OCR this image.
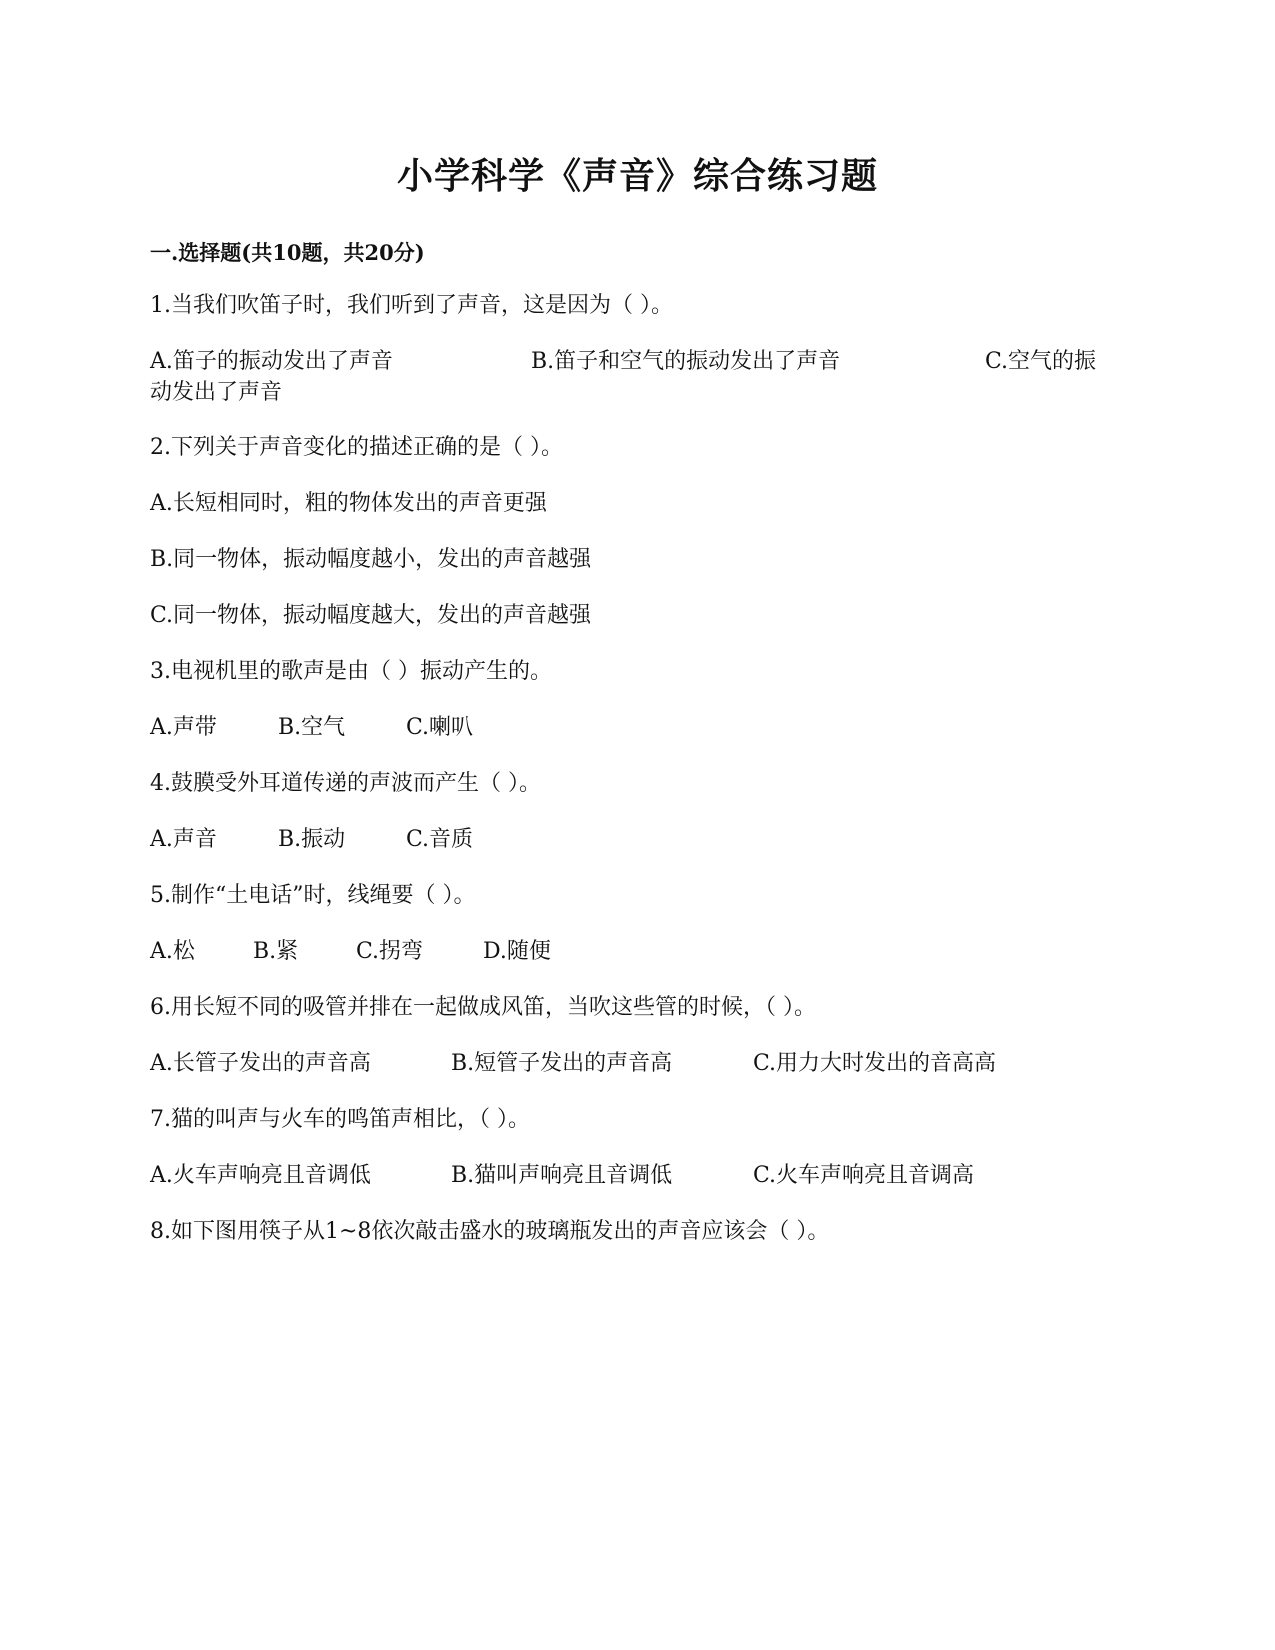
小学科学《声音》综合练习题
一.选择题(共10题，共20分)
1.当我们吹笛子时，我们听到了声音，这是因为（ ）。
A.笛子的振动发出了声音	B.笛子和空气的振动发出了声音	C.空气的振
动发出了声音
2.下列关于声音变化的描述正确的是（ ）。
A.长短相同时，粗的物体发出的声音更强
B.同一物体，振动幅度越小，发出的声音越强
C.同一物体，振动幅度越大，发出的声音越强
3.电视机里的歌声是由（ ）振动产生的。
A.声带	B.空气	C.喇叭
4.鼓膜受外耳道传递的声波而产生（ ）。
A.声音	B.振动	C.音质
5.制作“土电话”时，线绳要（ ）。
A.松	B.紧	C.拐弯	D.随便
6.用长短不同的吸管并排在一起做成风笛，当吹这些管的时候，（ ）。
A.长管子发出的声音高	B.短管子发出的声音高	C.用力大时发出的音高高
7.猫的叫声与火车的鸣笛声相比，（ ）。
A.火车声响亮且音调低	B.猫叫声响亮且音调低	C.火车声响亮且音调高
8.如下图用筷子从1~8依次敲击盛水的玻璃瓶发出的声音应该会（ ）。
